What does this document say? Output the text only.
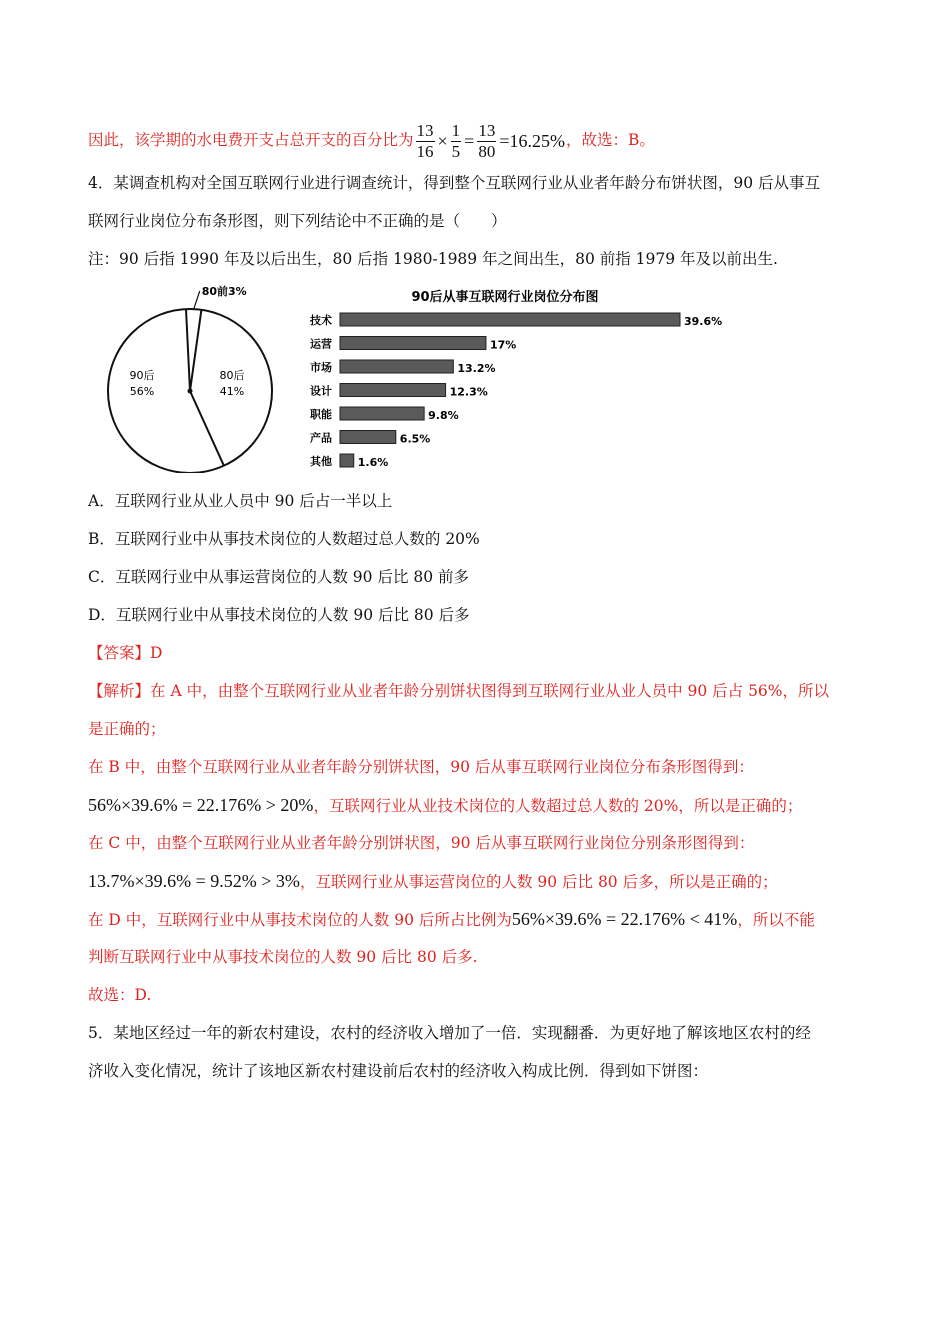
因此，该学期的水电费开支占总开支的百分比为 $\frac{13}{16} \times \frac{1}{5} = \frac{13}{80} =16.25\%$，故选：B。
4．某调查机构对全国互联网行业进行调查统计，得到整个互联网行业从业者年龄分布饼状图，90 后从事互
联网行业岗位分布条形图，则下列结论中不正确的是（　　）
注：90 后指 1990 年及以后出生，80 后指 1980-1989 年之间出生，80 前指 1979 年及以前出生.
90后
56%
80后
41%
80前3%	90后从事互联网行业岗位分布图
技术	39.6%
运营	17%
市场	13.2%
设计	12.3%
职能	9.8%
产品	6.5%
其他 1.6%
A．互联网行业从业人员中 90 后占一半以上
B．互联网行业中从事技术岗位的人数超过总人数的 20%
C．互联网行业中从事运营岗位的人数 90 后比 80 前多
D．互联网行业中从事技术岗位的人数 90 后比 80 后多
【答案】D
【解析】在 A 中，由整个互联网行业从业者年龄分别饼状图得到互联网行业从业人员中 90 后占 56%，所以
是正确的；
在 B 中，由整个互联网行业从业者年龄分别饼状图，90 后从事互联网行业岗位分布条形图得到：
56%×39.6% = 22.176% > 20%，互联网行业从业技术岗位的人数超过总人数的 20%，所以是正确的；
在 C 中，由整个互联网行业从业者年龄分别饼状图，90 后从事互联网行业岗位分别条形图得到：
13.7%×39.6% = 9.52% > 3%，互联网行业从事运营岗位的人数 90 后比 80 后多，所以是正确的；
在 D 中，互联网行业中从事技术岗位的人数 90 后所占比例为56%×39.6% = 22.176% < 41%，所以不能
判断互联网行业中从事技术岗位的人数 90 后比 80 后多.
故选：D.
5．某地区经过一年的新农村建设，农村的经济收入增加了一倍．实现翻番．为更好地了解该地区农村的经
济收入变化情况，统计了该地区新农村建设前后农村的经济收入构成比例．得到如下饼图：
